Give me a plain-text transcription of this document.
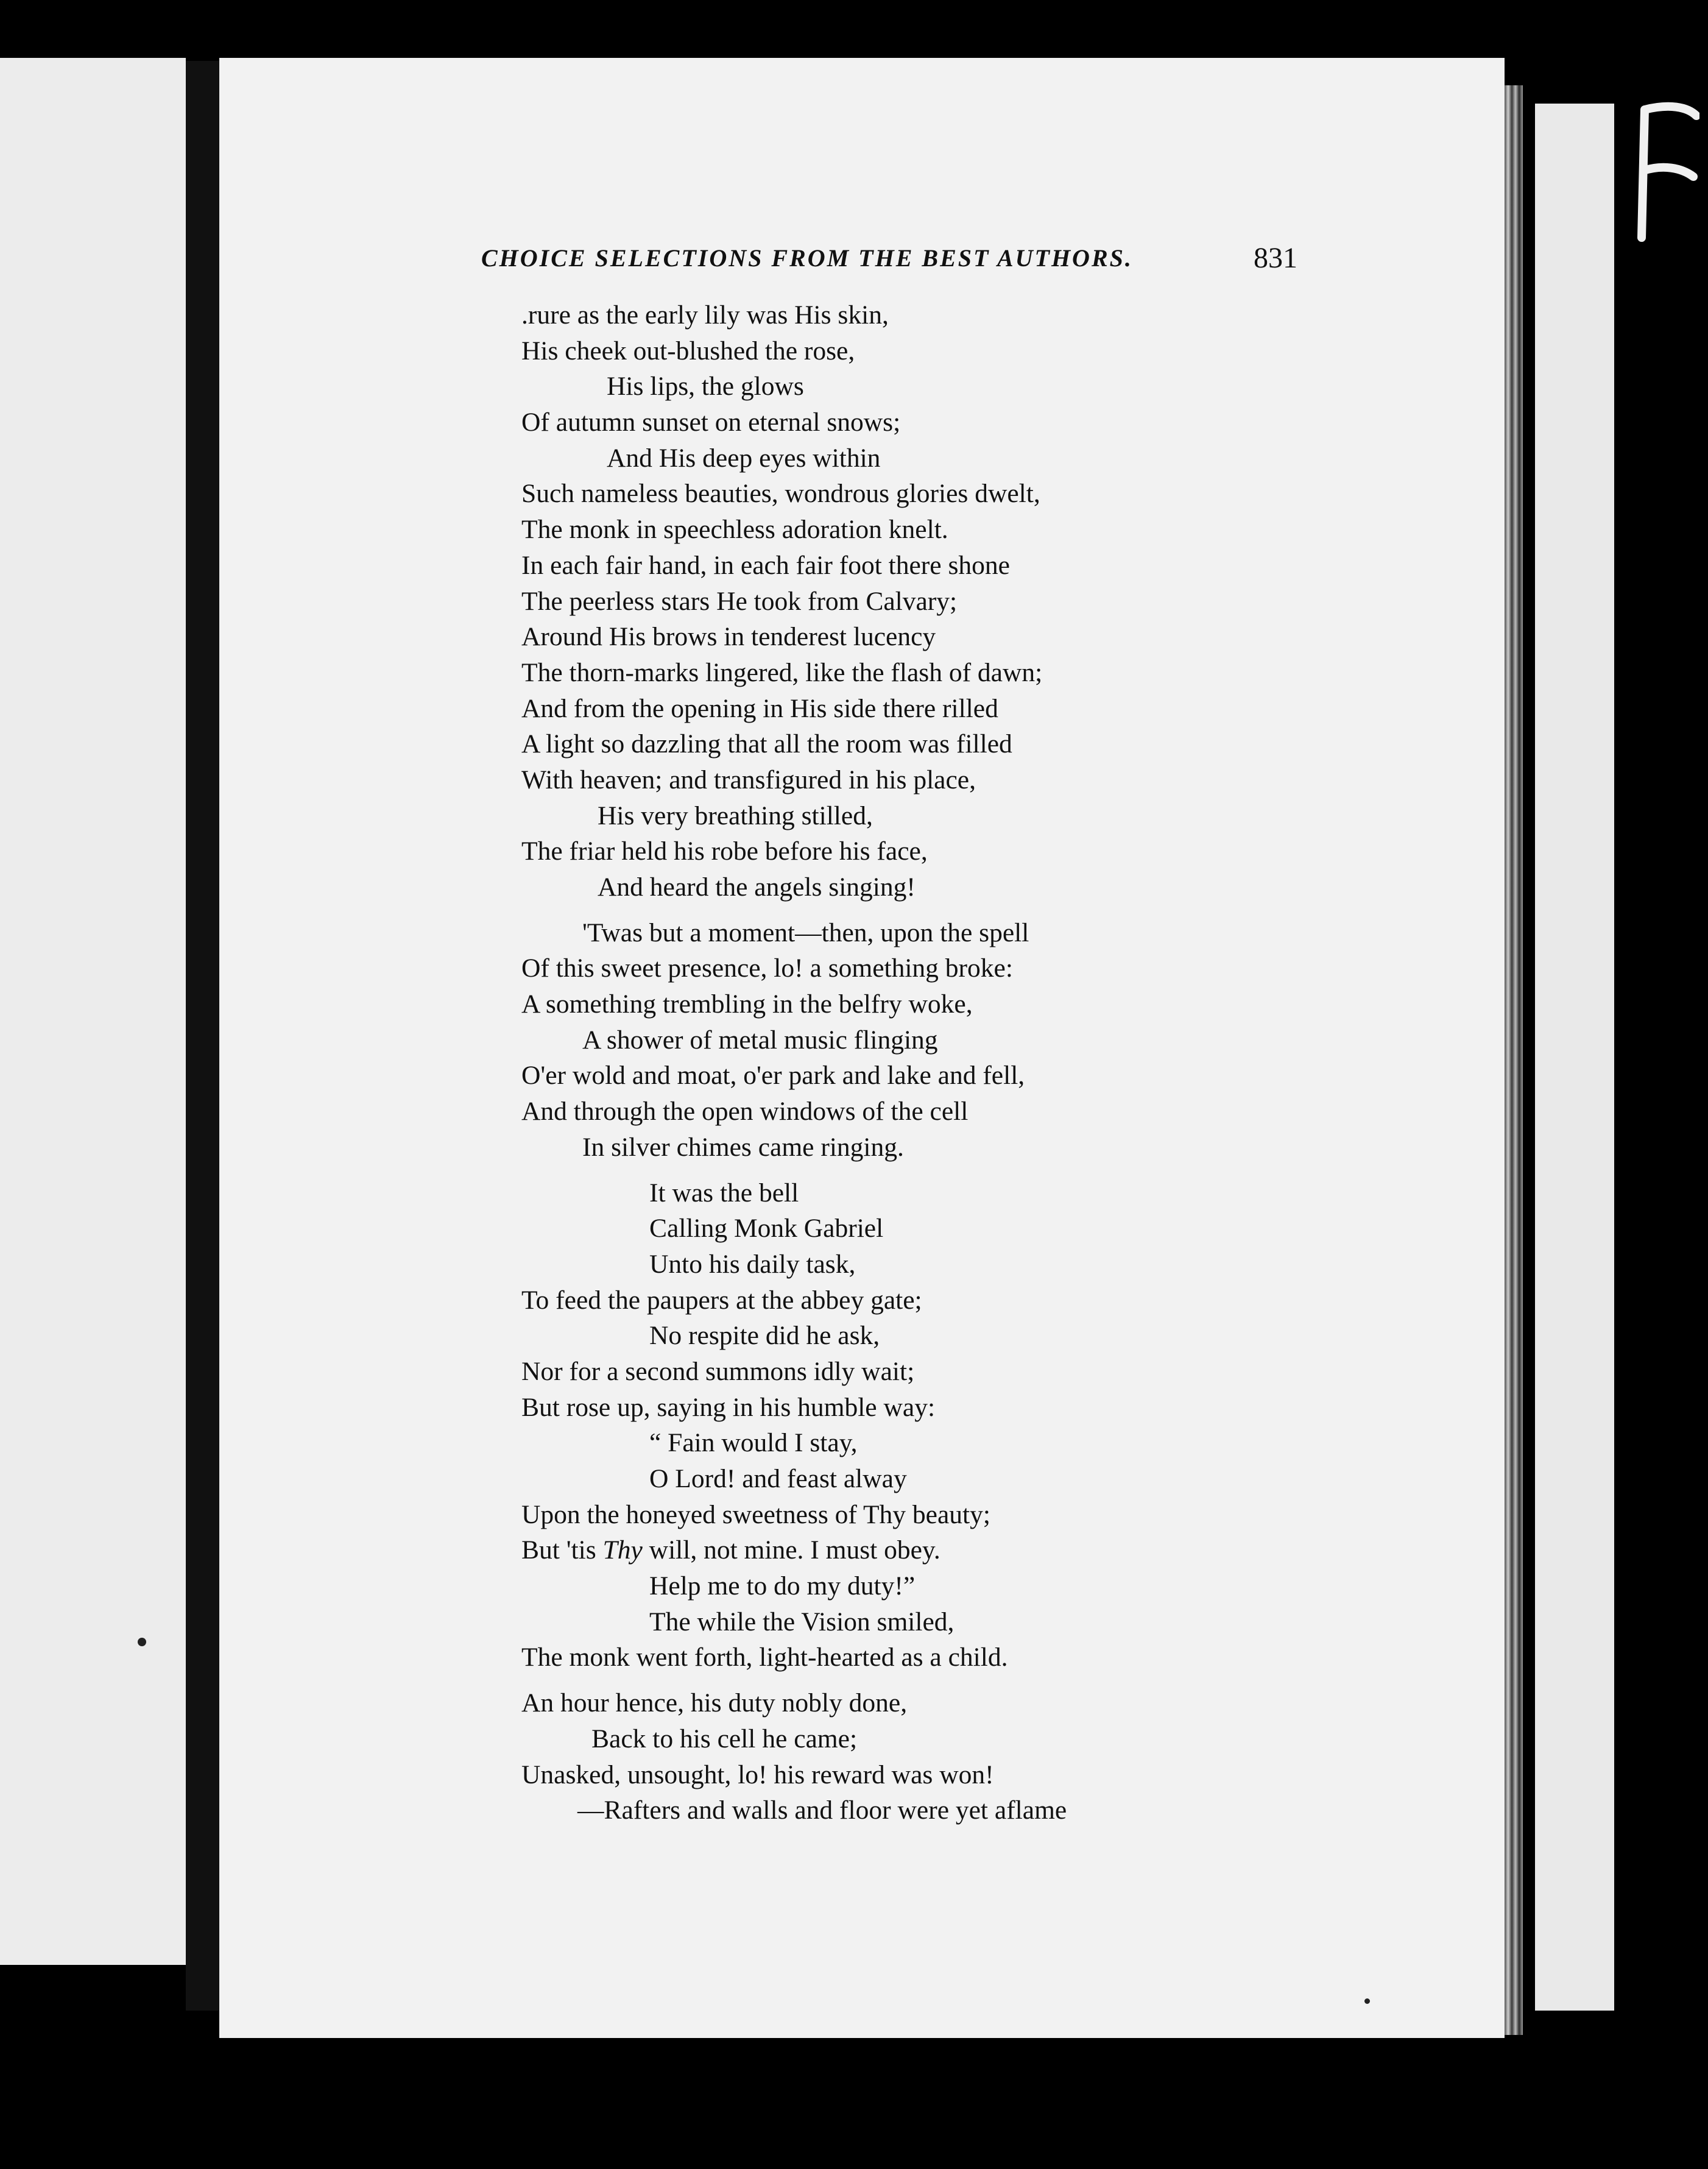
CHOICE SELECTIONS FROM THE BEST AUTHORS.	831
.rure as the early lily was His skin,
His cheek out-blushed the rose,
His lips, the glows
Of autumn sunset on eternal snows;
And His deep eyes within
Such nameless beauties, wondrous glories dwelt,
The monk in speechless adoration knelt.
In each fair hand, in each fair foot there shone
The peerless stars He took from Calvary;
Around His brows in tenderest lucency
The thorn-marks lingered, like the flash of dawn;
And from the opening in His side there rilled
A light so dazzling that all the room was filled
With heaven; and transfigured in his place,
His very breathing stilled,
The friar held his robe before his face,
And heard the angels singing!
'Twas but a moment—then, upon the spell
Of this sweet presence, lo! a something broke:
A something trembling in the belfry woke,
A shower of metal music flinging
O'er wold and moat, o'er park and lake and fell,
And through the open windows of the cell
In silver chimes came ringing.
It was the bell
Calling Monk Gabriel
Unto his daily task,
To feed the paupers at the abbey gate;
No respite did he ask,
Nor for a second summons idly wait;
But rose up, saying in his humble way:
“ Fain would I stay,
O Lord! and feast alway
Upon the honeyed sweetness of Thy beauty;
But 'tis Thy will, not mine. I must obey.
Help me to do my duty!”
The while the Vision smiled,
The monk went forth, light-hearted as a child.
An hour hence, his duty nobly done,
Back to his cell he came;
Unasked, unsought, lo! his reward was won!
—Rafters and walls and floor were yet aflame
